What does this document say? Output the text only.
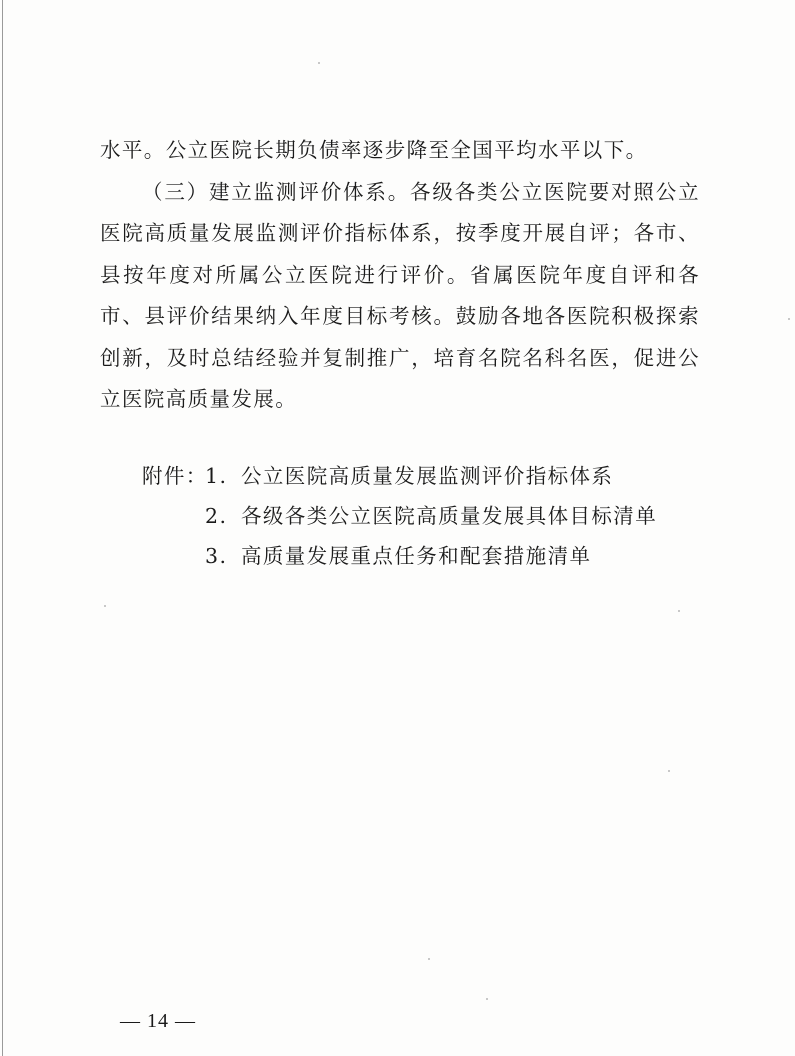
水平。公立医院长期负债率逐步降至全国平均水平以下。

（三）建立监测评价体系。各级各类公立医院要对照公立医院高质量发展监测评价指标体系，按季度开展自评；各市、县按年度对所属公立医院进行评价。省属医院年度自评和各市、县评价结果纳入年度目标考核。鼓励各地各医院积极探索创新，及时总结经验并复制推广，培育名院名科名医，促进公立医院高质量发展。

附件：1. 公立医院高质量发展监测评价指标体系
2. 各级各类公立医院高质量发展具体目标清单
3. 高质量发展重点任务和配套措施清单
— 14 —
